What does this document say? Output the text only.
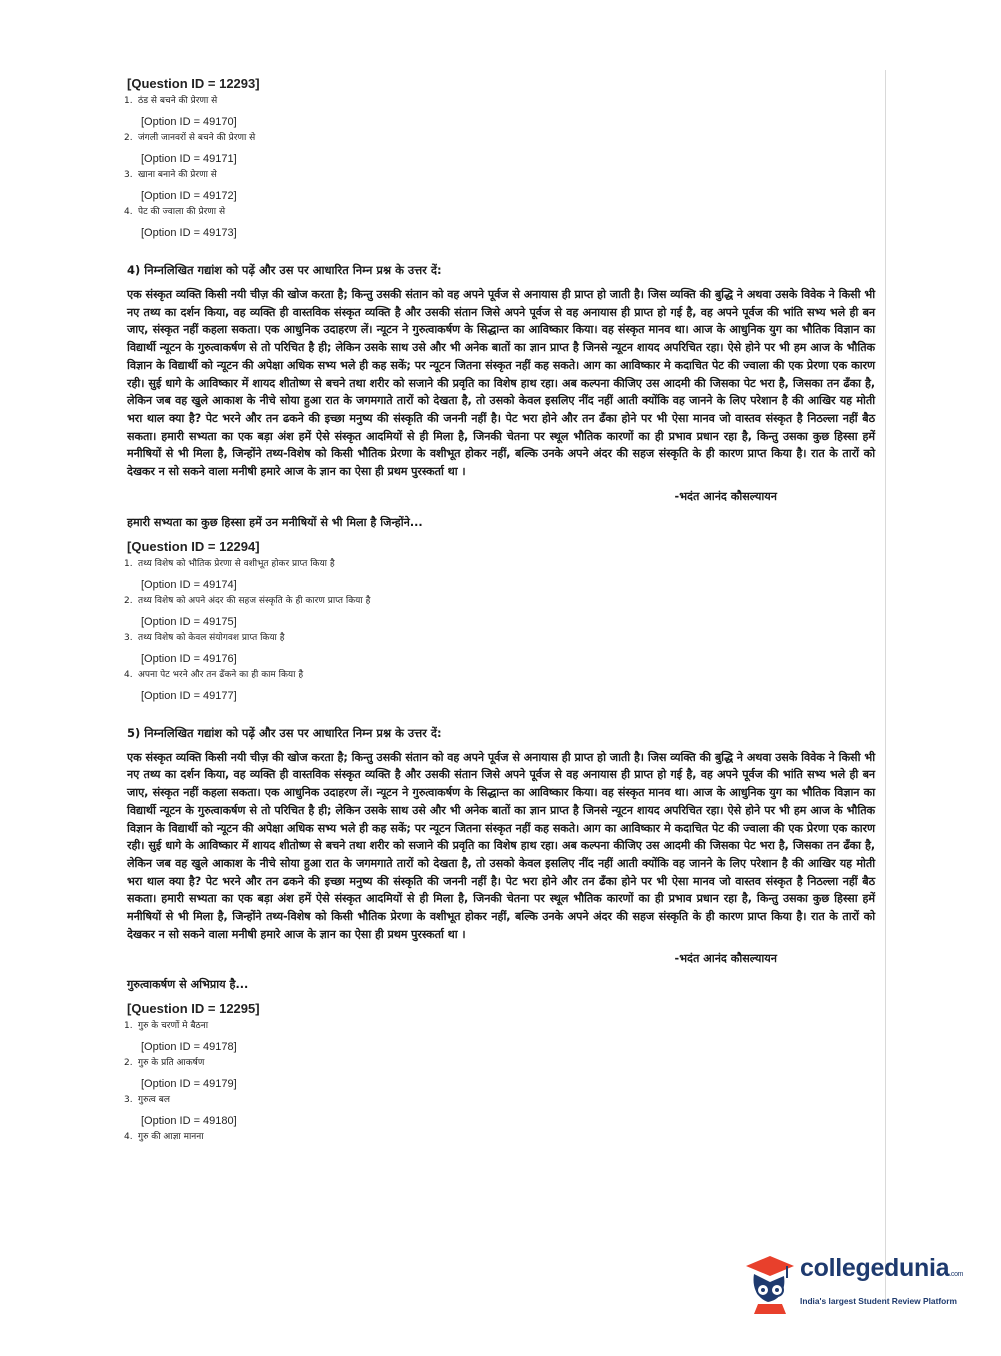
[Question ID = 12293]

1. ठंड से बचने की प्रेरणा से
[Option ID = 49170]
2. जंगली जानवरों से बचने की प्रेरणा से
[Option ID = 49171]
3. खाना बनाने की प्रेरणा से
[Option ID = 49172]
4. पेट की ज्वाला की प्रेरणा से
[Option ID = 49173]

4) निम्नलिखित गद्यांश को पढ़ें और उस पर आधारित निम्न प्रश्न के उत्तर दें:

एक संस्कृत व्यक्ति किसी नयी चीज़ की खोज करता है; किन्तु उसकी संतान को वह अपने पूर्वज से अनायास ही प्राप्त हो जाती है। जिस व्यक्ति की बुद्धि ने अथवा उसके विवेक ने किसी भी नए तथ्य का दर्शन किया, वह व्यक्ति ही वास्तविक संस्कृत व्यक्ति है और उसकी संतान जिसे अपने पूर्वज से वह अनायास ही प्राप्त हो गई है, वह अपने पूर्वज की भांति सभ्य भले ही बन जाए, संस्कृत नहीं कहला सकता। एक आधुनिक उदाहरण लें। न्यूटन ने गुरुत्वाकर्षण के सिद्धान्त का आविष्कार किया। वह संस्कृत मानव था। आज के आधुनिक युग का भौतिक विज्ञान का विद्यार्थी न्यूटन के गुरुत्वाकर्षण से तो परिचित है ही; लेकिन उसके साथ उसे और भी अनेक बातों का ज्ञान प्राप्त है जिनसे न्यूटन शायद अपरिचित रहा। ऐसे होने पर भी हम आज के भौतिक विज्ञान के विद्यार्थी को न्यूटन की अपेक्षा अधिक सभ्य भले ही कह सकें; पर न्यूटन जितना संस्कृत नहीं कह सकते। आग का आविष्कार मे कदाचित पेट की ज्वाला की एक प्रेरणा एक कारण रही। सुई धागे के आविष्कार में शायद शीतोष्ण से बचने तथा शरीर को सजाने की प्रवृति का विशेष हाथ रहा। अब कल्पना कीजिए उस आदमी की जिसका पेट भरा है, जिसका तन ढँका है, लेकिन जब वह खुले आकाश के नीचे सोया हुआ रात के जगमगाते तारों को देखता है, तो उसको केवल इसलिए नींद नहीं आती क्योंकि वह जानने के लिए परेशान है की आखिर यह मोती भरा थाल क्या है? पेट भरने और तन ढकने की इच्छा मनुष्य की संस्कृति की जननी नहीं है। पेट भरा होने और तन ढँका होने पर भी ऐसा मानव जो वास्तव संस्कृत है निठल्ला नहीं बैठ सकता। हमारी सभ्यता का एक बड़ा अंश हमें ऐसे संस्कृत आदमियों से ही मिला है, जिनकी चेतना पर स्थूल भौतिक कारणों का ही प्रभाव प्रधान रहा है, किन्तु उसका कुछ हिस्सा हमें मनीषियों से भी मिला है, जिन्होंने तथ्य-विशेष को किसी भौतिक प्रेरणा के वशीभूत होकर नहीं, बल्कि उनके अपने अंदर की सहज संस्कृति के ही कारण प्राप्त किया है। रात के तारों को देखकर न सो सकने वाला मनीषी हमारे आज के ज्ञान का ऐसा ही प्रथम पुरस्कर्ता था ।

-भदंत आनंद कौसल्यायन

हमारी सभ्यता का कुछ हिस्सा हमें उन मनीषियों से भी मिला है जिन्होंने...

[Question ID = 12294]

1. तथ्य विशेष को भौतिक प्रेरणा से वशीभूत होकर प्राप्त किया है
[Option ID = 49174]
2. तथ्य विशेष को अपने अंदर की सहज संस्कृति के ही कारण प्राप्त किया है
[Option ID = 49175]
3. तथ्य विशेष को केवल संयोगवश प्राप्त किया है
[Option ID = 49176]
4. अपना पेट भरने और तन ढँकने का ही काम किया है
[Option ID = 49177]

5) निम्नलिखित गद्यांश को पढ़ें और उस पर आधारित निम्न प्रश्न के उत्तर दें:

एक संस्कृत व्यक्ति किसी नयी चीज़ की खोज करता है; किन्तु उसकी संतान को वह अपने पूर्वज से अनायास ही प्राप्त हो जाती है। जिस व्यक्ति की बुद्धि ने अथवा उसके विवेक ने किसी भी नए तथ्य का दर्शन किया, वह व्यक्ति ही वास्तविक संस्कृत व्यक्ति है और उसकी संतान जिसे अपने पूर्वज से वह अनायास ही प्राप्त हो गई है, वह अपने पूर्वज की भांति सभ्य भले ही बन जाए, संस्कृत नहीं कहला सकता। एक आधुनिक उदाहरण लें। न्यूटन ने गुरुत्वाकर्षण के सिद्धान्त का आविष्कार किया। वह संस्कृत मानव था। आज के आधुनिक युग का भौतिक विज्ञान का विद्यार्थी न्यूटन के गुरुत्वाकर्षण से तो परिचित है ही; लेकिन उसके साथ उसे और भी अनेक बातों का ज्ञान प्राप्त है जिनसे न्यूटन शायद अपरिचित रहा। ऐसे होने पर भी हम आज के भौतिक विज्ञान के विद्यार्थी को न्यूटन की अपेक्षा अधिक सभ्य भले ही कह सकें; पर न्यूटन जितना संस्कृत नहीं कह सकते। आग का आविष्कार मे कदाचित पेट की ज्वाला की एक प्रेरणा एक कारण रही। सुई धागे के आविष्कार में शायद शीतोष्ण से बचने तथा शरीर को सजाने की प्रवृति का विशेष हाथ रहा। अब कल्पना कीजिए उस आदमी की जिसका पेट भरा है, जिसका तन ढँका है, लेकिन जब वह खुले आकाश के नीचे सोया हुआ रात के जगमगाते तारों को देखता है, तो उसको केवल इसलिए नींद नहीं आती क्योंकि वह जानने के लिए परेशान है की आखिर यह मोती भरा थाल क्या है? पेट भरने और तन ढकने की इच्छा मनुष्य की संस्कृति की जननी नहीं है। पेट भरा होने और तन ढँका होने पर भी ऐसा मानव जो वास्तव संस्कृत है निठल्ला नहीं बैठ सकता। हमारी सभ्यता का एक बड़ा अंश हमें ऐसे संस्कृत आदमियों से ही मिला है, जिनकी चेतना पर स्थूल भौतिक कारणों का ही प्रभाव प्रधान रहा है, किन्तु उसका कुछ हिस्सा हमें मनीषियों से भी मिला है, जिन्होंने तथ्य-विशेष को किसी भौतिक प्रेरणा के वशीभूत होकर नहीं, बल्कि उनके अपने अंदर की सहज संस्कृति के ही कारण प्राप्त किया है। रात के तारों को देखकर न सो सकने वाला मनीषी हमारे आज के ज्ञान का ऐसा ही प्रथम पुरस्कर्ता था ।

-भदंत आनंद कौसल्यायन

गुरुत्वाकर्षण से अभिप्राय है...

[Question ID = 12295]

1. गुरु के चरणों मे बैठना
[Option ID = 49178]
2. गुरु के प्रति आकर्षण
[Option ID = 49179]
3. गुरुत्व बल
[Option ID = 49180]
4. गुरु की आज्ञा मानना
collegedunia.com
India's largest Student Review Platform
